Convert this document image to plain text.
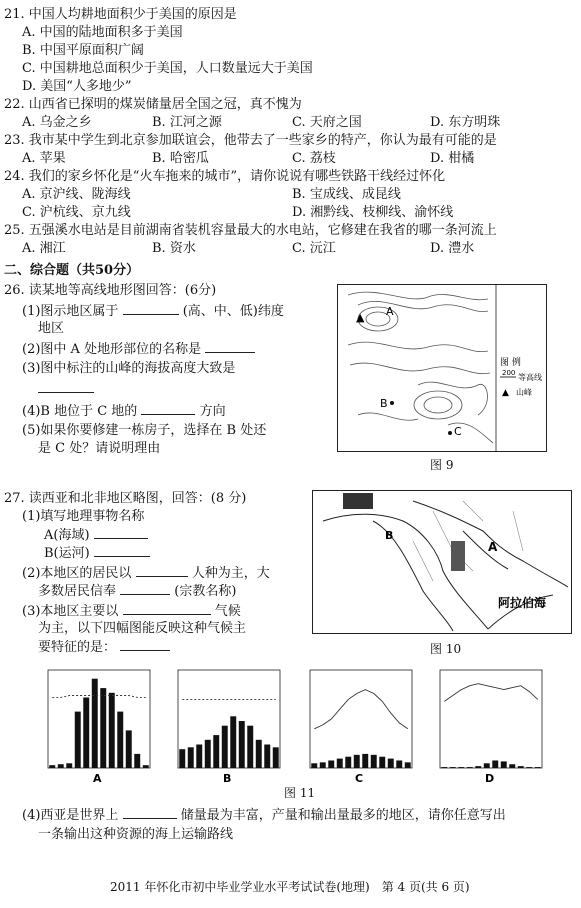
21. 中国人均耕地面积少于美国的原因是
A. 中国的陆地面积多于美国
B. 中国平原面积广阔
C. 中国耕地总面积少于美国，人口数量远大于美国
D. 美国“人多地少”
22. 山西省已探明的煤炭储量居全国之冠，真不愧为
A. 乌金之乡	B. 江河之源	C. 天府之国	D. 东方明珠
23. 我市某中学生到北京参加联谊会，他带去了一些家乡的特产，你认为最有可能的是
A. 苹果	B. 哈密瓜	C. 荔枝	D. 柑橘
24. 我们的家乡怀化是“火车拖来的城市”，请你说说有哪些铁路干线经过怀化
A. 京沪线、陇海线	B. 宝成线、成昆线
C. 沪杭线、京九线	D. 湘黔线、枝柳线、渝怀线
25. 五强溪水电站是目前湖南省装机容量最大的水电站，它修建在我省的哪一条河流上
A. 湘江	B. 资水	C. 沅江	D. 澧水
二、综合题（共50分）
26. 读某地等高线地形图回答：(6分)
(1)图示地区属于	(高、中、低)纬度
地区
(2)图中 A 处地形部位的名称是
(3)图中标注的山峰的海拔高度大致是
(4)B 地位于 C 地的	方向
(5)如果你要修建一栋房子，选择在 B 处还
是 C 处？请说明理由
▲ A
B
C
图 例
200 等高线
▲ 山峰
图 9
27. 读西亚和北非地区略图，回答：(8 分)
(1)填写地理事物名称
A(海域)
B(运河)
(2)本地区的居民以	人种为主，大
多数居民信奉	(宗教名称)
(3)本地区主要以	气候
为主，以下四幅图能反映这种气候主
要特征的是：
A
B
阿拉伯海
图 10
A	B	C	D
图 11
(4)西亚是世界上	储量最为丰富，产量和输出量最多的地区，请你任意写出
一条输出这种资源的海上运输路线
2011 年怀化市初中毕业学业水平考试试卷(地理)　第 4 页(共 6 页)
